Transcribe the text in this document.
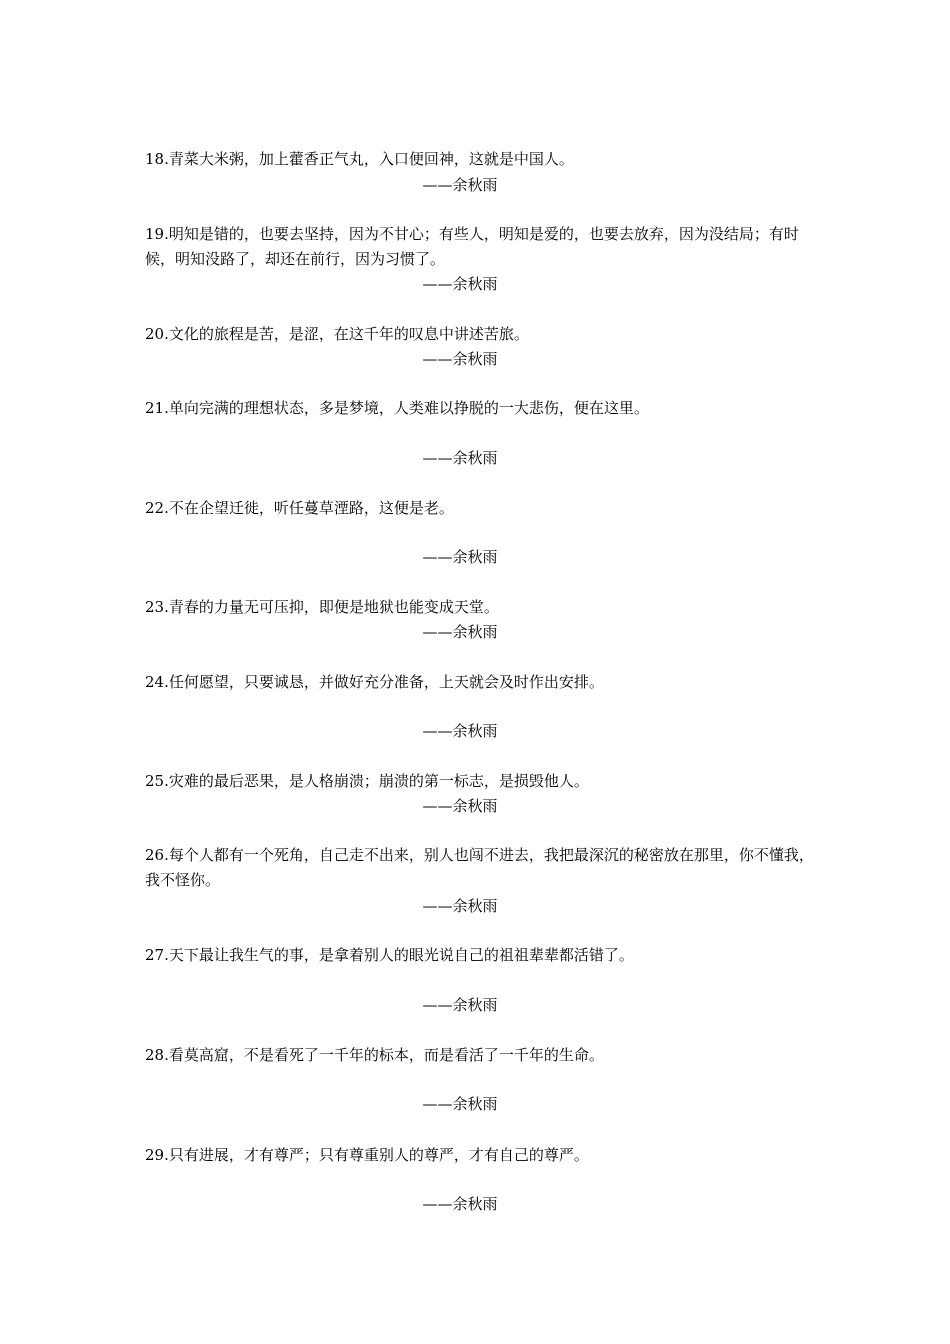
18.青菜大米粥，加上藿香正气丸，入口便回神，这就是中国人。
——余秋雨
19.明知是错的，也要去坚持，因为不甘心；有些人，明知是爱的，也要去放弃，因为没结局；有时候，明知没路了，却还在前行，因为习惯了。
——余秋雨
20.文化的旅程是苦，是涩，在这千年的叹息中讲述苦旅。
——余秋雨
21.单向完满的理想状态，多是梦境，人类难以挣脱的一大悲伤，便在这里。
——余秋雨
22.不在企望迁徙，听任蔓草湮路，这便是老。
——余秋雨
23.青春的力量无可压抑，即便是地狱也能变成天堂。
——余秋雨
24.任何愿望，只要诚恳，并做好充分准备，上天就会及时作出安排。
——余秋雨
25.灾难的最后恶果，是人格崩溃；崩溃的第一标志，是损毁他人。
——余秋雨
26.每个人都有一个死角，自己走不出来，别人也闯不进去，我把最深沉的秘密放在那里，你不懂我，我不怪你。
——余秋雨
27.天下最让我生气的事，是拿着别人的眼光说自己的祖祖辈辈都活错了。
——余秋雨
28.看莫高窟，不是看死了一千年的标本，而是看活了一千年的生命。
——余秋雨
29.只有进展，才有尊严；只有尊重别人的尊严，才有自己的尊严。
——余秋雨
